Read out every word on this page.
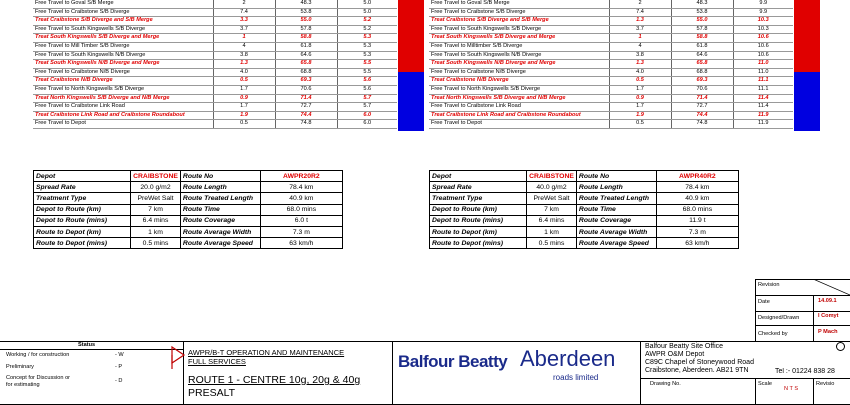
Free Travel to Goval S/B Merge	2	48.3	5.0
Free Travel to Craibstone S/B Diverge	7.4	53.8	5.0
Treat Craibstone S/B Diverge and S/B Merge	3.3	55.0	5.2
Free Travel to South Kingswells S/B Diverge	3.7	57.8	5.2
Treat South Kingswells S/B Diverge and Merge	1	58.8	5.3
Free Travel to Mill Timber S/B Diverge	4	61.8	5.3
Free Travel to South Kingswells N/B Diverge	3.8	64.6	5.3
Treat South Kingswells N/B Diverge and Merge	1.3	65.8	5.5
Free Travel to Craibstone N/B Diverge	4.0	68.8	5.5
Treat Craibstone N/B Diverge	0.5	69.3	5.6
Free Travel to North Kingswells S/B Diverge	1.7	70.6	5.6
Treat North Kingswells S/B Diverge and N/B Merge	0.9	71.4	5.7
Free Travel to Craibstone Link Road	1.7	72.7	5.7
Treat Craibstone Link Road and Craibstone Roundabout	1.9	74.4	6.0
Free Travel to Depot	0.5	74.8	6.0
Free Travel to Goval S/B Merge	2	48.3	9.9
Free Travel to Craibstone S/B Diverge	7.4	53.8	9.9
Treat Craibstone S/B Diverge and S/B Merge	1.3	55.0	10.3
Free Travel to South Kingswells S/B Diverge	3.7	57.8	10.3
Treat South Kingswells S/B Diverge and Merge	1	58.8	10.6
Free Travel to Milltimber S/B Diverge	4	61.8	10.6
Free Travel to South Kingswells N/B Diverge	3.8	64.6	10.6
Treat South Kingswells N/B Diverge and Merge	1.3	65.8	11.0
Free Travel to Craibstone N/B Diverge	4.0	68.8	11.0
Treat Craibstone N/B Diverge	0.5	69.3	11.1
Free Travel to North Kingswells S/B Diverge	1.7	70.6	11.1
Treat North Kingswells S/B Diverge and N/B Merge	0.9	71.4	11.4
Free Travel to Craibstone Link Road	1.7	72.7	11.4
Treat Craibstone Link Road and Craibstone Roundabout	1.9	74.4	11.9
Free Travel to Depot	0.5	74.8	11.9
Depot	CRAIBSTONE	Route No	AWPR20R2
Spread Rate	20.0 g/m2	Route Length	78.4 km
Treatment Type	PreWet Salt	Route Treated Length	40.9 km
Depot to Route (km)	7 km	Route Time	68.0 mins
Depot to Route (mins)	6.4 mins	Route Coverage	6.0 t
Route to Depot (km)	1 km	Route Average Width	7.3 m
Route to Depot (mins)	0.5 mins	Route Average Speed	63 km/h
Depot	CRAIBSTONE	Route No	AWPR40R2
Spread Rate	40.0 g/m2	Route Length	78.4 km
Treatment Type	PreWet Salt	Route Treated Length	40.9 km
Depot to Route (km)	7 km	Route Time	68.0 mins
Depot to Route (mins)	6.4 mins	Route Coverage	11.9 t
Route to Depot (km)	1 km	Route Average Width	7.3 m
Route to Depot (mins)	0.5 mins	Route Average Speed	63 km/h
Status
Working / for construction	- W
Preliminary	- P
Concept for Discussion or for estimating
- D
AWPR/B-T OPERATION AND MAINTENANCE
FULL SERVICES
ROUTE 1 - CENTRE 10g, 20g & 40g
PRESALT
Balfour Beatty Aberdeen
roads limited
Balfour Beatty Site Office
AWPR O&M Depot
C89C Chapel of Stoneywood Road
Craibstone, Aberdeen. AB21 9TN	Tel :- 01224 838 28
Revision
Date	14.09.1
Designed/Drawn	I Comyt
Checked by	P Mach
Drawing No.	Scale
N T S
Revisio
